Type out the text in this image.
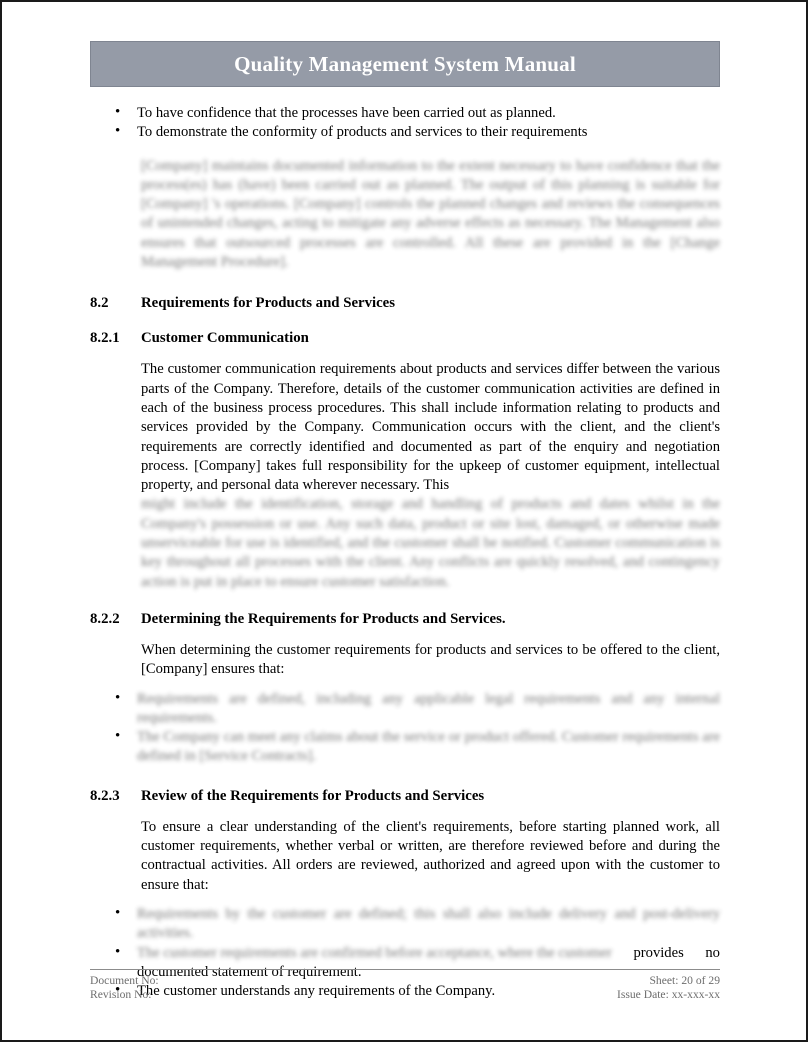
Quality Management System Manual
• To have confidence that the processes have been carried out as planned.
• To demonstrate the conformity of products and services to their requirements

[Company] maintains documented information to the extent necessary to have confidence that the process(es) has (have) been carried out as planned. The output of this planning is suitable for [Company] 's operations. [Company] controls the planned changes and reviews the consequences of unintended changes, acting to mitigate any adverse effects as necessary. The Management also ensures that outsourced processes are controlled. All these are provided in the [Change Management Procedure].

8.2	Requirements for Products and Services
8.2.1	Customer Communication

The customer communication requirements about products and services differ between the various parts of the Company. Therefore, details of the customer communication activities are defined in each of the business process procedures. This shall include information relating to products and services provided by the Company. Communication occurs with the client, and the client's requirements are correctly identified and documented as part of the enquiry and negotiation process. [Company] takes full responsibility for the upkeep of customer equipment, intellectual property, and personal data wherever necessary. This

might include the identification, storage and handling of products and dates whilst in the Company's possession or use. Any such data, product or site lost, damaged, or otherwise made unserviceable for use is identified, and the customer shall be notified. Customer communication is key throughout all processes with the client. Any conflicts are quickly resolved, and contingency action is put in place to ensure customer satisfaction.

8.2.2	Determining the Requirements for Products and Services.

When determining the customer requirements for products and services to be offered to the client, [Company] ensures that:

• Requirements are defined, including any applicable legal requirements and any internal requirements.
• The Company can meet any claims about the service or product offered. Customer requirements are defined in [Service Contracts].
8.2.3	Review of the Requirements for Products and Services

To ensure a clear understanding of the client's requirements, before starting planned work, all customer requirements, whether verbal or written, are therefore reviewed before and during the contractual activities. All orders are reviewed, authorized and agreed upon with the customer to ensure that:

• Requirements by the customer are defined; this shall also include delivery and post-delivery activities.
• The customer requirements are confirmed before acceptance, where the customer provides no documented statement of requirement.
• The customer understands any requirements of the Company.
Document No:
Revision No:
Sheet: 20 of 29
Issue Date: xx-xxx-xx
